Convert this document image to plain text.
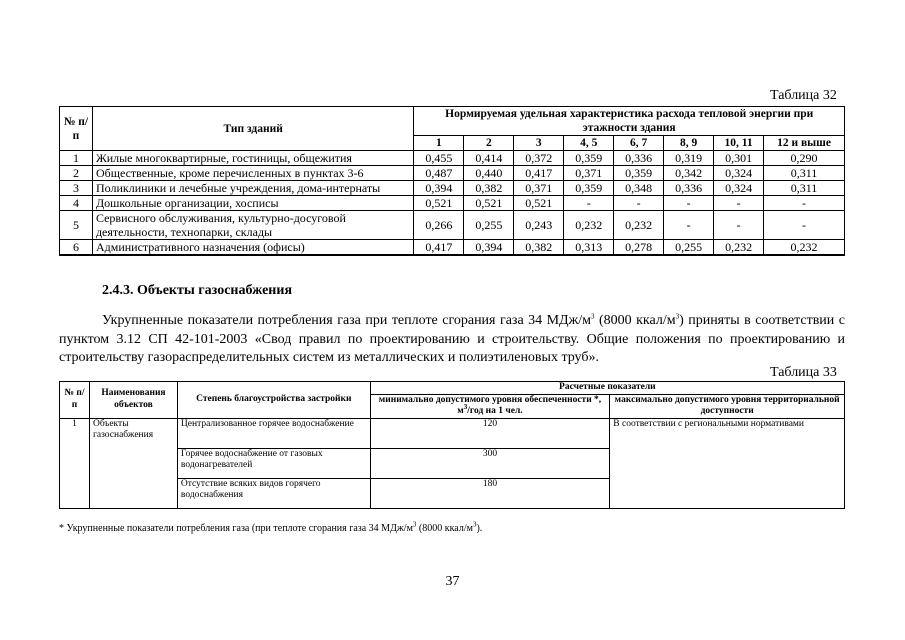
Таблица 32
№ п/п	Тип зданий	Нормируемая удельная характеристика расхода тепловой энергии при этажности здания							
		1	2	3	4, 5	6, 7	8, 9	10, 11	12 и выше
1	Жилые многоквартирные, гостиницы, общежития	0,455	0,414	0,372	0,359	0,336	0,319	0,301	0,290
2	Общественные, кроме перечисленных в пунктах 3-6	0,487	0,440	0,417	0,371	0,359	0,342	0,324	0,311
3	Поликлиники и лечебные учреждения, дома-интернаты	0,394	0,382	0,371	0,359	0,348	0,336	0,324	0,311
4	Дошкольные организации, хосписы	0,521	0,521	0,521	-	-	-	-	-
5	Сервисного обслуживания, культурно-досуговой деятельности, технопарки, склады	0,266	0,255	0,243	0,232	0,232	-	-	-
6	Административного назначения (офисы)	0,417	0,394	0,382	0,313	0,278	0,255	0,232	0,232
2.4.3. Объекты газоснабжения
Укрупненные показатели потребления газа при теплоте сгорания газа 34 МДж/$м^3$ (8000 ккал/$м^3$) приняты в соответствии с пунктом 3.12 СП 42-101-2003 «Свод правил по проектированию и строительству. Общие положения по проектированию и строительству газораспределительных систем из металлических и полиэтиленовых труб».
Таблица 33
№ п/п	Наименования объектов	Степень благоустройства застройки	Расчетные показатели	
			минимально допустимого уровня обеспеченности *, $м^3$/год на 1 чел.	максимально допустимого уровня территориальной доступности
1	Объекты газоснабжения	Централизованное горячее водоснабжение	120	В соответствии с региональными нормативами
		Горячее водоснабжение от газовых водонагревателей	300	
		Отсутствие всяких видов горячего водоснабжения	180	
* Укрупненные показатели потребления газа (при теплоте сгорания газа 34 МДж/$м^3$ (8000 ккал/$м^3$).
37
